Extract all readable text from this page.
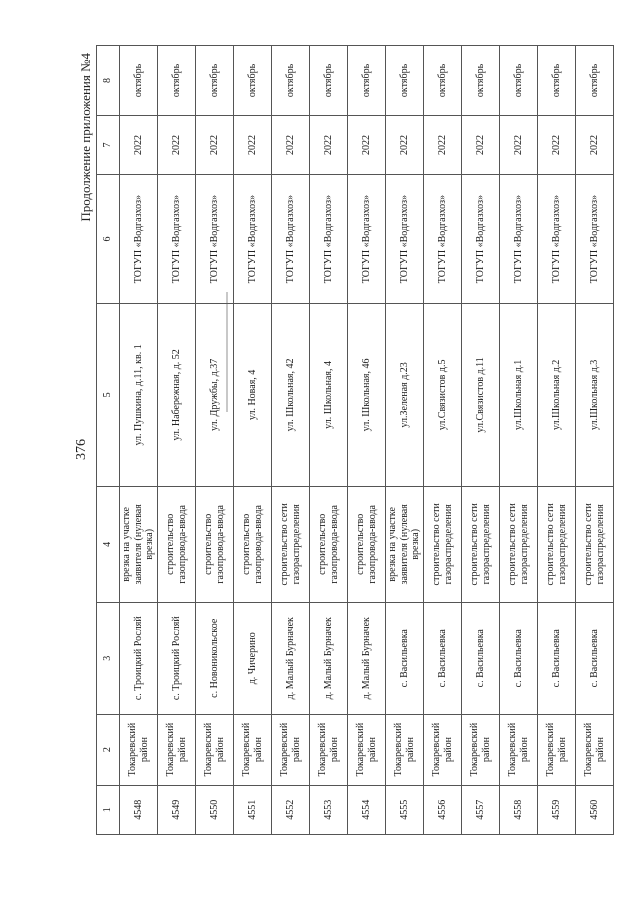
376
Продолжение приложения №4
1	2	3	4	5	6	7	8
4548	Токаревский район	с. Троицкий Росляй	врезка на участке заявителя (нулевая врезка)	ул. Пушкина, д.11, кв. 1	ТОГУП «Водгазхоз»	2022	октябрь
4549	Токаревский район	с. Троицкий Росляй	строительство газопровода-ввода	ул. Набережная, д. 52	ТОГУП «Водгазхоз»	2022	октябрь
4550	Токаревский район	с. Новоникольское	строительство газопровода-ввода	ул. Дружбы, д.37	ТОГУП «Водгазхоз»	2022	октябрь
4551	Токаревский район	д. Чичерино	строительство газопровода-ввода	ул. Новая, 4	ТОГУП «Водгазхоз»	2022	октябрь
4552	Токаревский район	д. Малый Бурначек	строительство сети газораспределения	ул. Школьная, 42	ТОГУП «Водгазхоз»	2022	октябрь
4553	Токаревский район	д. Малый Бурначек	строительство газопровода-ввода	ул. Школьная, 4	ТОГУП «Водгазхоз»	2022	октябрь
4554	Токаревский район	д. Малый Бурначек	строительство газопровода-ввода	ул. Школьная, 46	ТОГУП «Водгазхоз»	2022	октябрь
4555	Токаревский район	с. Васильевка	врезка на участке заявителя (нулевая врезка)	ул.Зеленая д.23	ТОГУП «Водгазхоз»	2022	октябрь
4556	Токаревский район	с. Васильевка	строительство сети газораспределения	ул.Связистов д.5	ТОГУП «Водгазхоз»	2022	октябрь
4557	Токаревский район	с. Васильевка	строительство сети газораспределения	ул.Связистов д.11	ТОГУП «Водгазхоз»	2022	октябрь
4558	Токаревский район	с. Васильевка	строительство сети газораспределения	ул.Школьная д.1	ТОГУП «Водгазхоз»	2022	октябрь
4559	Токаревский район	с. Васильевка	строительство сети газораспределения	ул.Школьная д.2	ТОГУП «Водгазхоз»	2022	октябрь
4560	Токаревский район	с. Васильевка	строительство сети газораспределения	ул.Школьная д.3	ТОГУП «Водгазхоз»	2022	октябрь
